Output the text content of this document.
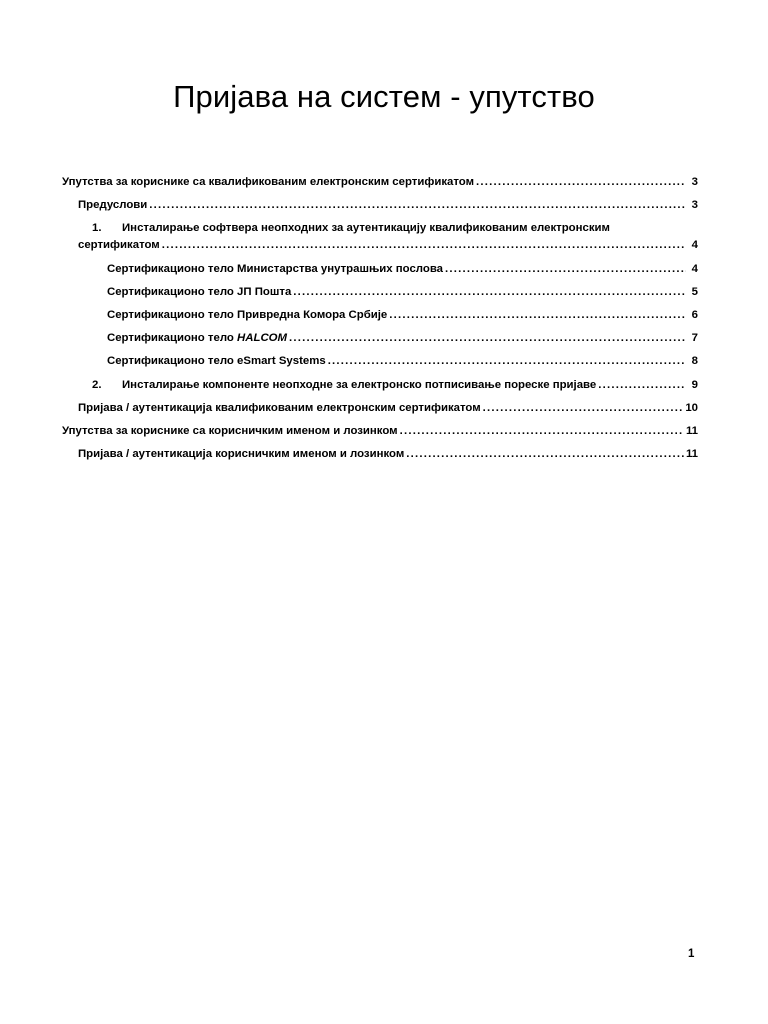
Пријава на систем - упутство
Упутства за кориснике са квалификованим електронским сертификатом .....	3
Предуслови .....	3
1.	Инсталирање софтвера неопходних за аутентикацију квалификованим електронским
сертификатом .....	4
Сертификационо тело Министарства унутрашњих послова .....	4
Сертификационо тело ЈП Пошта .....	5
Сертификационо тело Привредна Комора Србије .....	6
Сертификационо тело HALCOM .....	7
Сертификационо тело eSmart Systems .....	8
2.	Инсталирање компоненте неопходне за електронско потписивање пореске пријаве .....	9
Пријава / аутентикација квалификованим електронским сертификатом .....	10
Упутства за кориснике са корисничким именом и лозинком .....	11
Пријава / аутентикација корисничким именом и лозинком .....	11
1
